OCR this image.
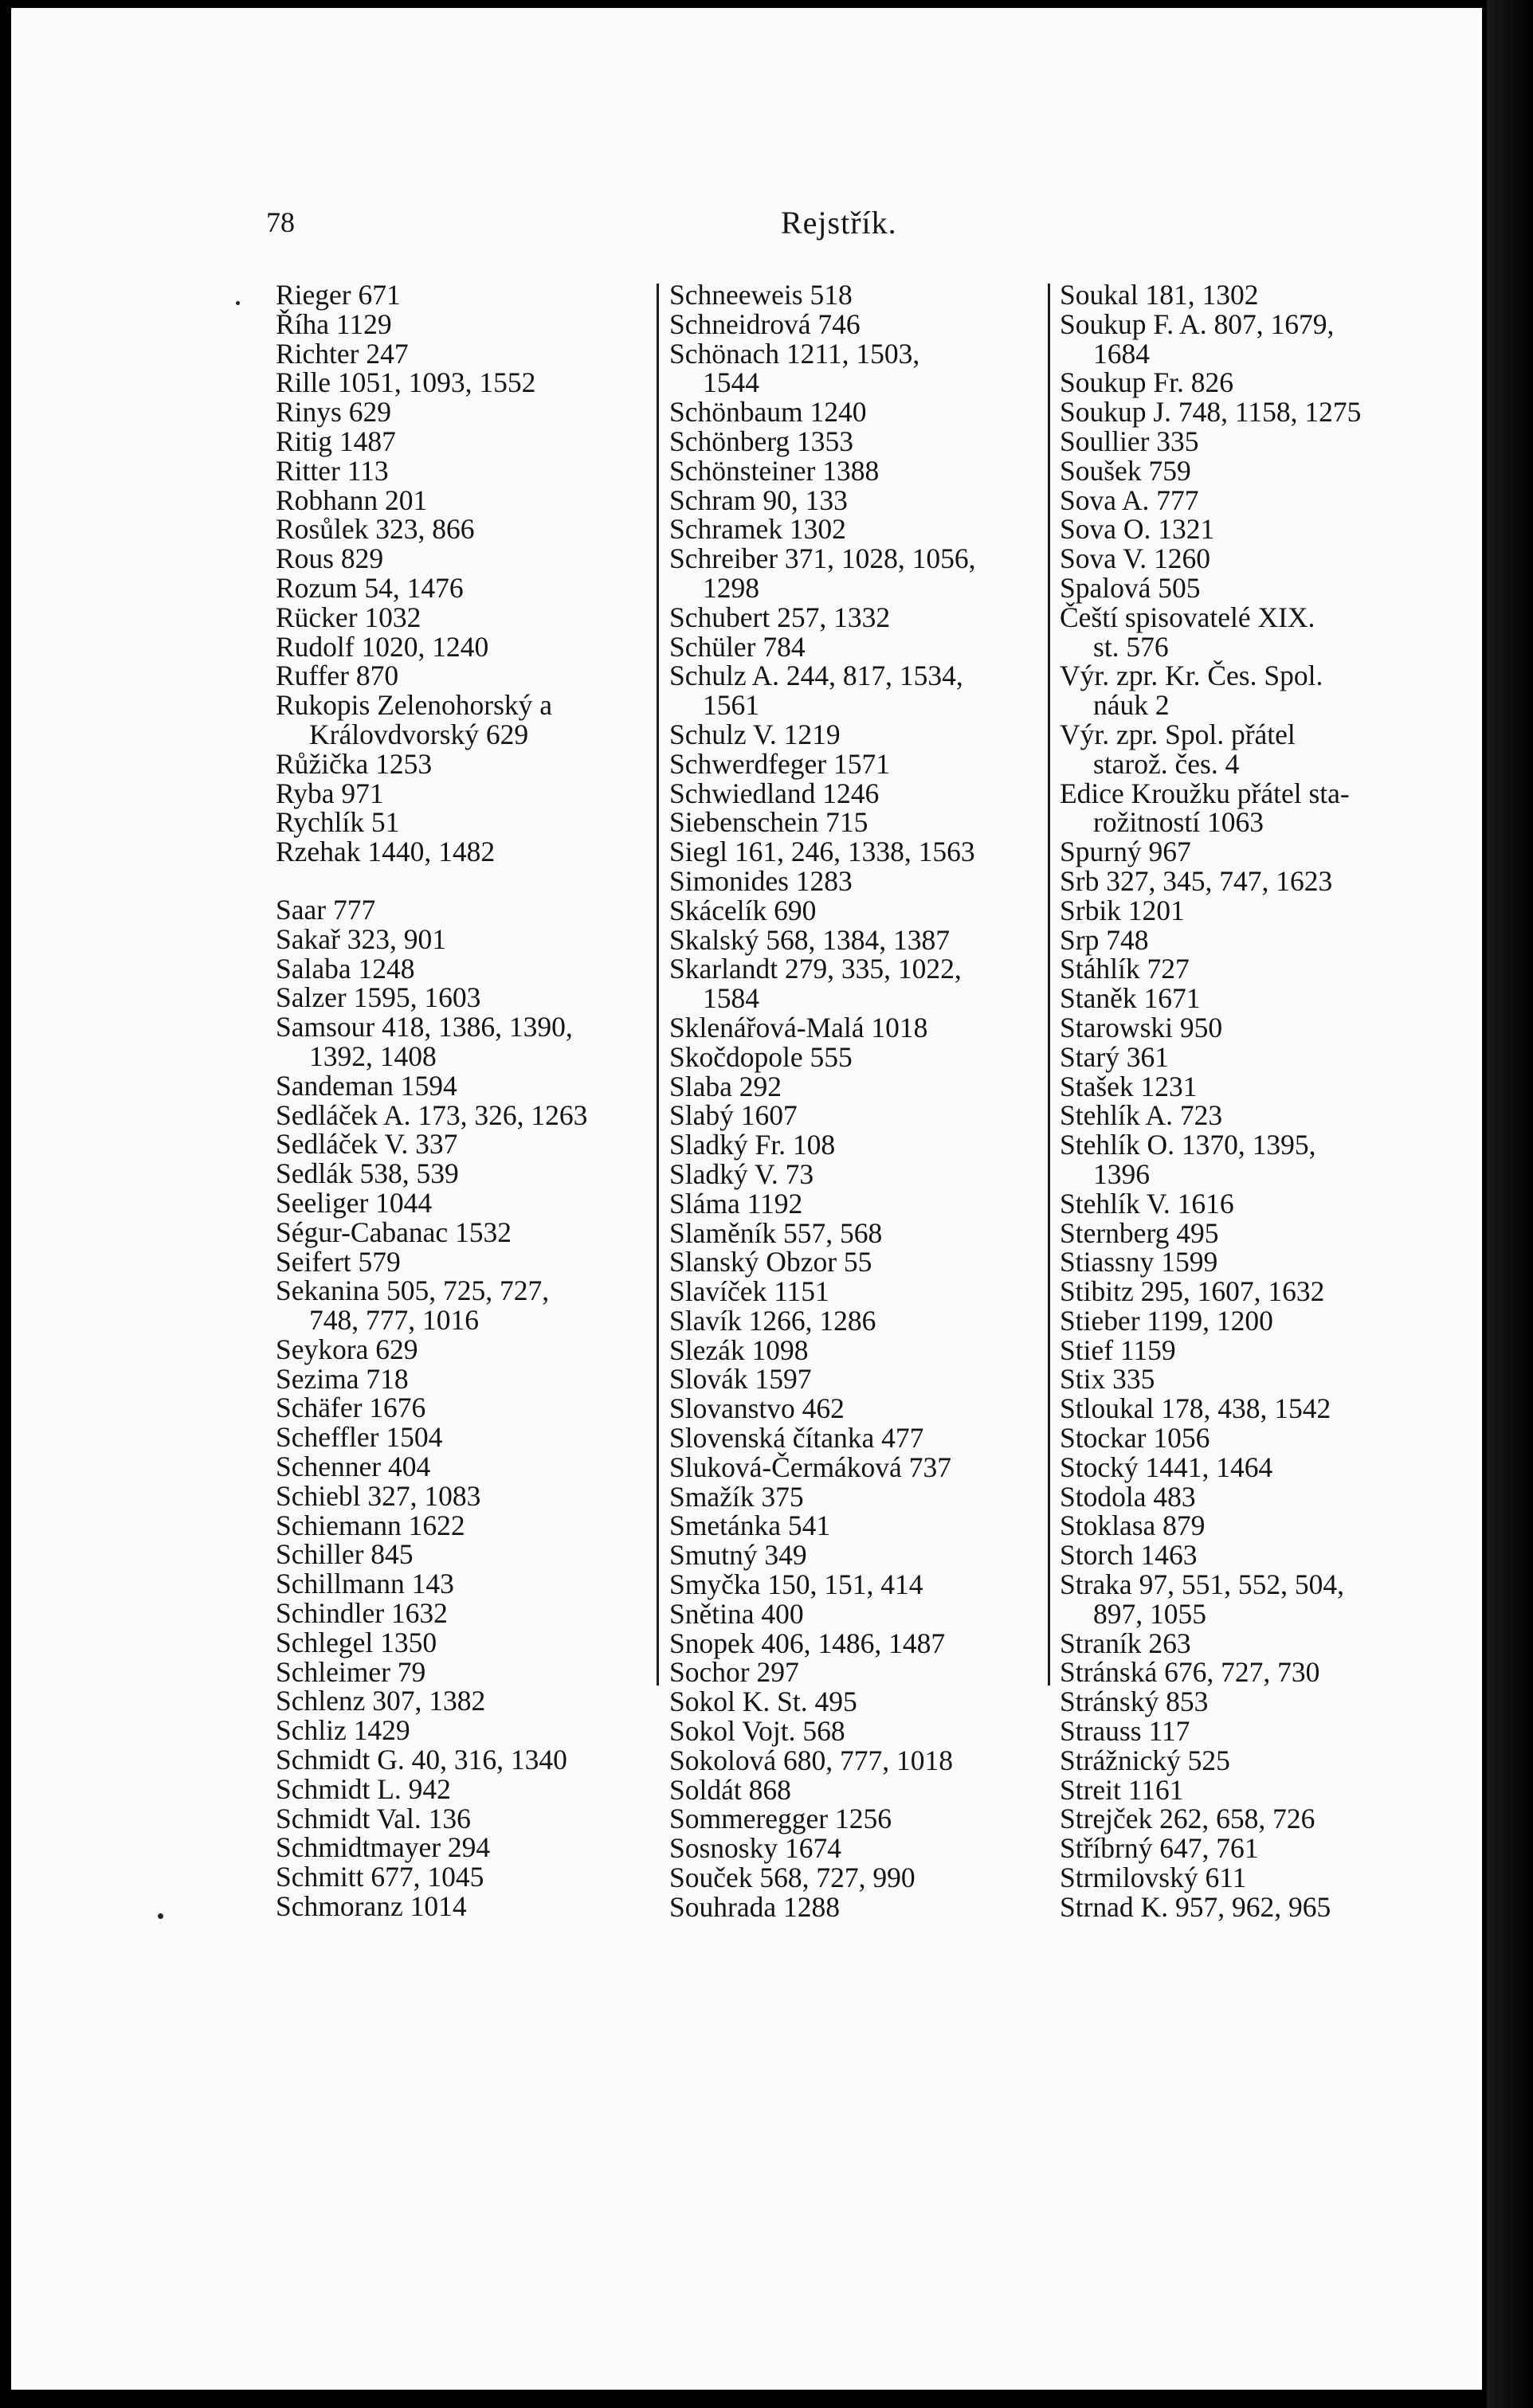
78	Rejstřík.
Rieger 671
Říha 1129
Richter 247
Rille 1051, 1093, 1552
Rinys 629
Ritig 1487
Ritter 113
Robhann 201
Rosůlek 323, 866
Rous 829
Rozum 54, 1476
Rücker 1032
Rudolf 1020, 1240
Ruffer 870
Rukopis Zelenohorský a
Královdvorský 629
Růžička 1253
Ryba 971
Rychlík 51
Rzehak 1440, 1482
Saar 777
Sakař 323, 901
Salaba 1248
Salzer 1595, 1603
Samsour 418, 1386, 1390,
1392, 1408
Sandeman 1594
Sedláček A. 173, 326, 1263
Sedláček V. 337
Sedlák 538, 539
Seeliger 1044
Ségur-Cabanac 1532
Seifert 579
Sekanina 505, 725, 727,
748, 777, 1016
Seykora 629
Sezima 718
Schäfer 1676
Scheffler 1504
Schenner 404
Schiebl 327, 1083
Schiemann 1622
Schiller 845
Schillmann 143
Schindler 1632
Schlegel 1350
Schleimer 79
Schlenz 307, 1382
Schliz 1429
Schmidt G. 40, 316, 1340
Schmidt L. 942
Schmidt Val. 136
Schmidtmayer 294
Schmitt 677, 1045
Schmoranz 1014
Schneeweis 518
Schneidrová 746
Schönach 1211, 1503,
1544
Schönbaum 1240
Schönberg 1353
Schönsteiner 1388
Schram 90, 133
Schramek 1302
Schreiber 371, 1028, 1056,
1298
Schubert 257, 1332
Schüler 784
Schulz A. 244, 817, 1534,
1561
Schulz V. 1219
Schwerdfeger 1571
Schwiedland 1246
Siebenschein 715
Siegl 161, 246, 1338, 1563
Simonides 1283
Skácelík 690
Skalský 568, 1384, 1387
Skarlandt 279, 335, 1022,
1584
Sklenářová-Malá 1018
Skočdopole 555
Slaba 292
Slabý 1607
Sladký Fr. 108
Sladký V. 73
Sláma 1192
Slaměník 557, 568
Slanský Obzor 55
Slavíček 1151
Slavík 1266, 1286
Slezák 1098
Slovák 1597
Slovanstvo 462
Slovenská čítanka 477
Sluková-Čermáková 737
Smažík 375
Smetánka 541
Smutný 349
Smyčka 150, 151, 414
Snětina 400
Snopek 406, 1486, 1487
Sochor 297
Sokol K. St. 495
Sokol Vojt. 568
Sokolová 680, 777, 1018
Soldát 868
Sommeregger 1256
Sosnosky 1674
Souček 568, 727, 990
Souhrada 1288
Soukal 181, 1302
Soukup F. A. 807, 1679,
1684
Soukup Fr. 826
Soukup J. 748, 1158, 1275
Soullier 335
Soušek 759
Sova A. 777
Sova O. 1321
Sova V. 1260
Spalová 505
Čeští spisovatelé XIX.
st. 576
Výr. zpr. Kr. Čes. Spol.
náuk 2
Výr. zpr. Spol. přátel
starož. čes. 4
Edice Kroužku přátel sta-
rožitností 1063
Spurný 967
Srb 327, 345, 747, 1623
Srbik 1201
Srp 748
Stáhlík 727
Staněk 1671
Starowski 950
Starý 361
Stašek 1231
Stehlík A. 723
Stehlík O. 1370, 1395,
1396
Stehlík V. 1616
Sternberg 495
Stiassny 1599
Stibitz 295, 1607, 1632
Stieber 1199, 1200
Stief 1159
Stix 335
Stloukal 178, 438, 1542
Stockar 1056
Stocký 1441, 1464
Stodola 483
Stoklasa 879
Storch 1463
Straka 97, 551, 552, 504,
897, 1055
Straník 263
Stránská 676, 727, 730
Stránský 853
Strauss 117
Strážnický 525
Streit 1161
Strejček 262, 658, 726
Stříbrný 647, 761
Strmilovský 611
Strnad K. 957, 962, 965
